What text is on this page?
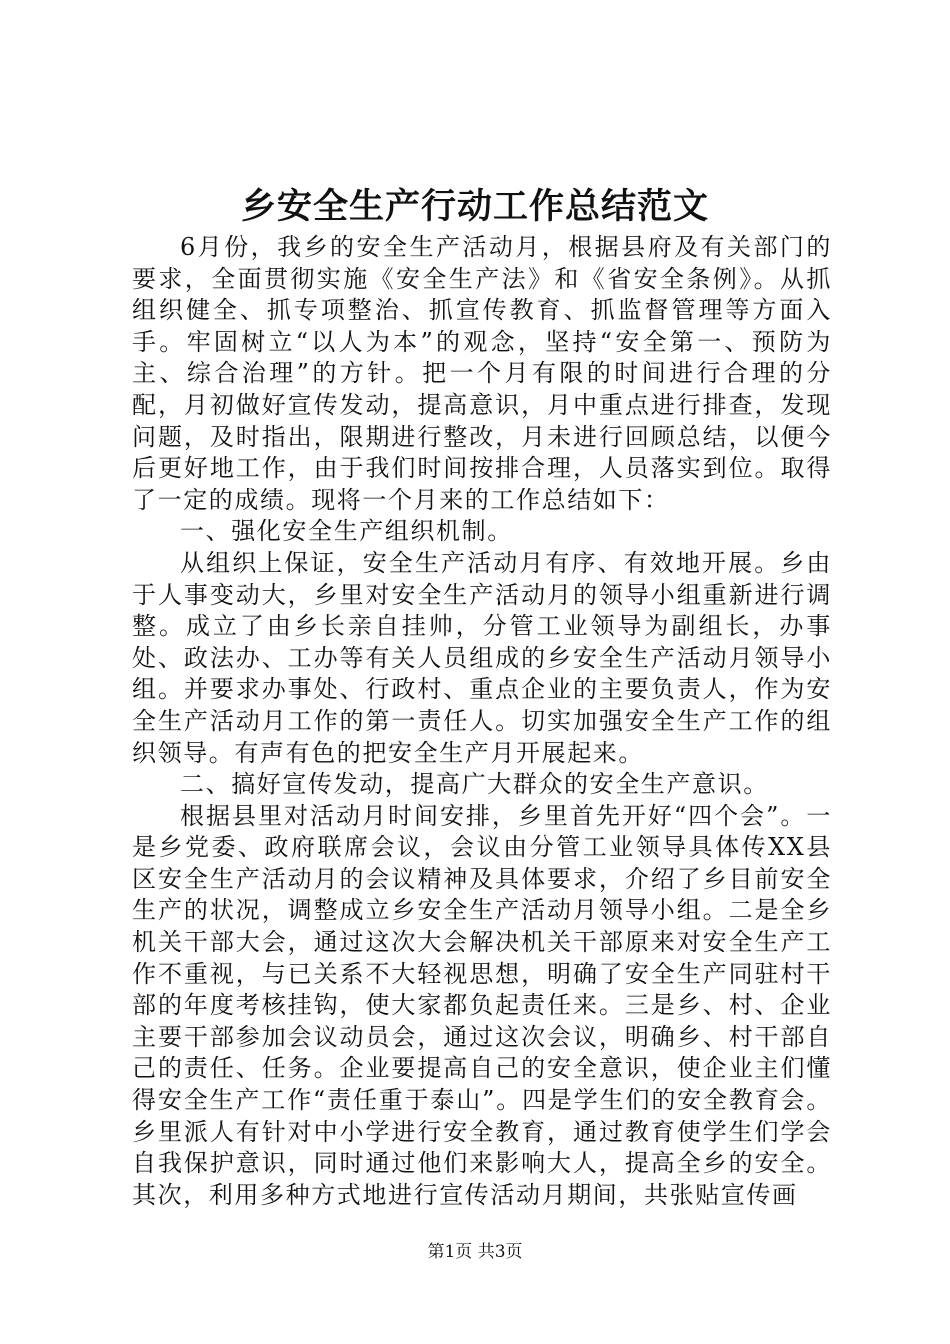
乡安全生产行动工作总结范文

6月份，我乡的安全生产活动月，根据县府及有关部门的要求，全面贯彻实施《安全生产法》和《省安全条例》。从抓组织健全、抓专项整治、抓宣传教育、抓监督管理等方面入手。牢固树立“以人为本”的观念，坚持“安全第一、预防为主、综合治理”的方针。把一个月有限的时间进行合理的分配，月初做好宣传发动，提高意识，月中重点进行排查，发现问题，及时指出，限期进行整改，月未进行回顾总结，以便今后更好地工作，由于我们时间按排合理，人员落实到位。取得了一定的成绩。现将一个月来的工作总结如下：

一、强化安全生产组织机制。

从组织上保证，安全生产活动月有序、有效地开展。乡由于人事变动大，乡里对安全生产活动月的领导小组重新进行调整。成立了由乡长亲自挂帅，分管工业领导为副组长，办事处、政法办、工办等有关人员组成的乡安全生产活动月领导小组。并要求办事处、行政村、重点企业的主要负责人，作为安全生产活动月工作的第一责任人。切实加强安全生产工作的组织领导。有声有色的把安全生产月开展起来。

二、搞好宣传发动，提高广大群众的安全生产意识。

根据县里对活动月时间安排，乡里首先开好“四个会”。一是乡党委、政府联席会议，会议由分管工业领导具体传XX县区安全生产活动月的会议精神及具体要求，介绍了乡目前安全生产的状况，调整成立乡安全生产活动月领导小组。二是全乡机关干部大会，通过这次大会解决机关干部原来对安全生产工作不重视，与已关系不大轻视思想，明确了安全生产同驻村干部的年度考核挂钩，使大家都负起责任来。三是乡、村、企业主要干部参加会议动员会，通过这次会议，明确乡、村干部自己的责任、任务。企业要提高自己的安全意识，使企业主们懂得安全生产工作“责任重于泰山”。四是学生们的安全教育会。乡里派人有针对中小学进行安全教育，通过教育使学生们学会自我保护意识，同时通过他们来影响大人，提高全乡的安全。其次，利用多种方式地进行宣传活动月期间，共张贴宣传画

第1页 共3页
